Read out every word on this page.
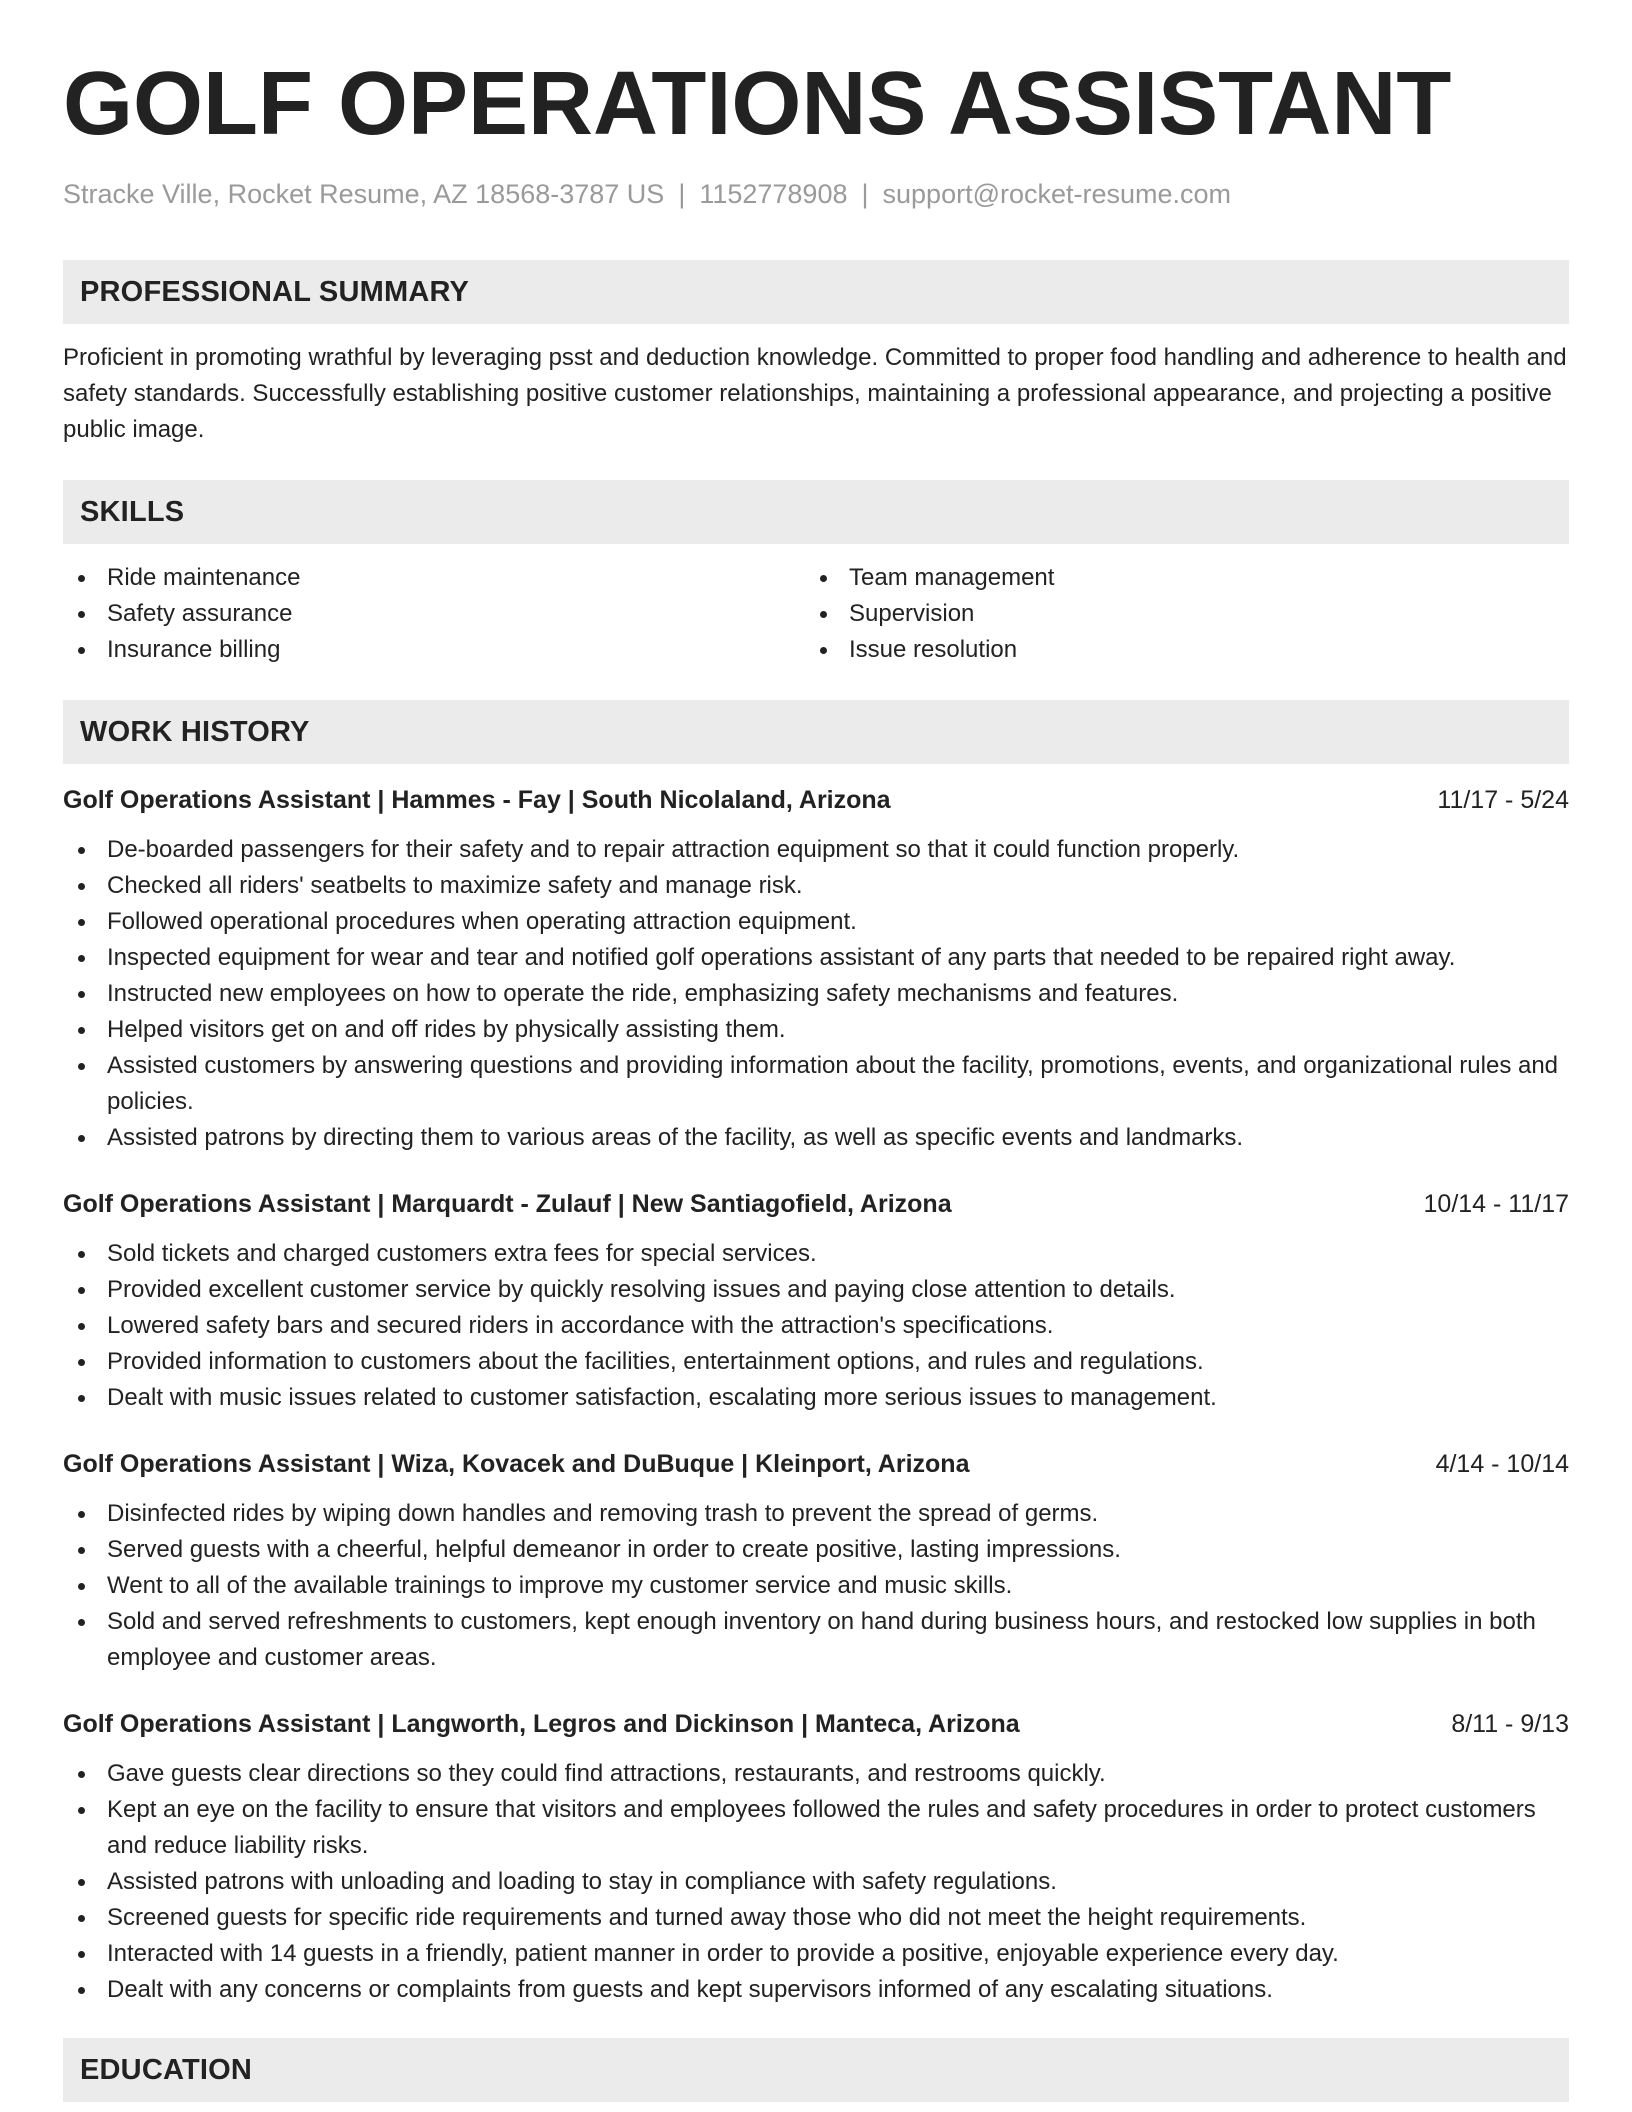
GOLF OPERATIONS ASSISTANT
Stracke Ville, Rocket Resume, AZ 18568-3787 US | 1152778908 | support@rocket-resume.com
PROFESSIONAL SUMMARY

Proficient in promoting wrathful by leveraging psst and deduction knowledge. Committed to proper food handling and adherence to health and safety standards. Successfully establishing positive customer relationships, maintaining a professional appearance, and projecting a positive public image.

SKILLS
Ride maintenance
Safety assurance
Insurance billing
Team management
Supervision
Issue resolution
WORK HISTORY
Golf Operations Assistant | Hammes - Fay | South Nicolaland, Arizona	11/17 - 5/24
De-boarded passengers for their safety and to repair attraction equipment so that it could function properly.
Checked all riders' seatbelts to maximize safety and manage risk.
Followed operational procedures when operating attraction equipment.
Inspected equipment for wear and tear and notified golf operations assistant of any parts that needed to be repaired right away.
Instructed new employees on how to operate the ride, emphasizing safety mechanisms and features.
Helped visitors get on and off rides by physically assisting them.
Assisted customers by answering questions and providing information about the facility, promotions, events, and organizational rules and policies.
Assisted patrons by directing them to various areas of the facility, as well as specific events and landmarks.
Golf Operations Assistant | Marquardt - Zulauf | New Santiagofield, Arizona	10/14 - 11/17
Sold tickets and charged customers extra fees for special services.
Provided excellent customer service by quickly resolving issues and paying close attention to details.
Lowered safety bars and secured riders in accordance with the attraction's specifications.
Provided information to customers about the facilities, entertainment options, and rules and regulations.
Dealt with music issues related to customer satisfaction, escalating more serious issues to management.
Golf Operations Assistant | Wiza, Kovacek and DuBuque | Kleinport, Arizona	4/14 - 10/14
Disinfected rides by wiping down handles and removing trash to prevent the spread of germs.
Served guests with a cheerful, helpful demeanor in order to create positive, lasting impressions.
Went to all of the available trainings to improve my customer service and music skills.
Sold and served refreshments to customers, kept enough inventory on hand during business hours, and restocked low supplies in both employee and customer areas.
Golf Operations Assistant | Langworth, Legros and Dickinson | Manteca, Arizona	8/11 - 9/13
Gave guests clear directions so they could find attractions, restaurants, and restrooms quickly.
Kept an eye on the facility to ensure that visitors and employees followed the rules and safety procedures in order to protect customers and reduce liability risks.
Assisted patrons with unloading and loading to stay in compliance with safety regulations.
Screened guests for specific ride requirements and turned away those who did not meet the height requirements.
Interacted with 14 guests in a friendly, patient manner in order to provide a positive, enjoyable experience every day.
Dealt with any concerns or complaints from guests and kept supervisors informed of any escalating situations.
EDUCATION
